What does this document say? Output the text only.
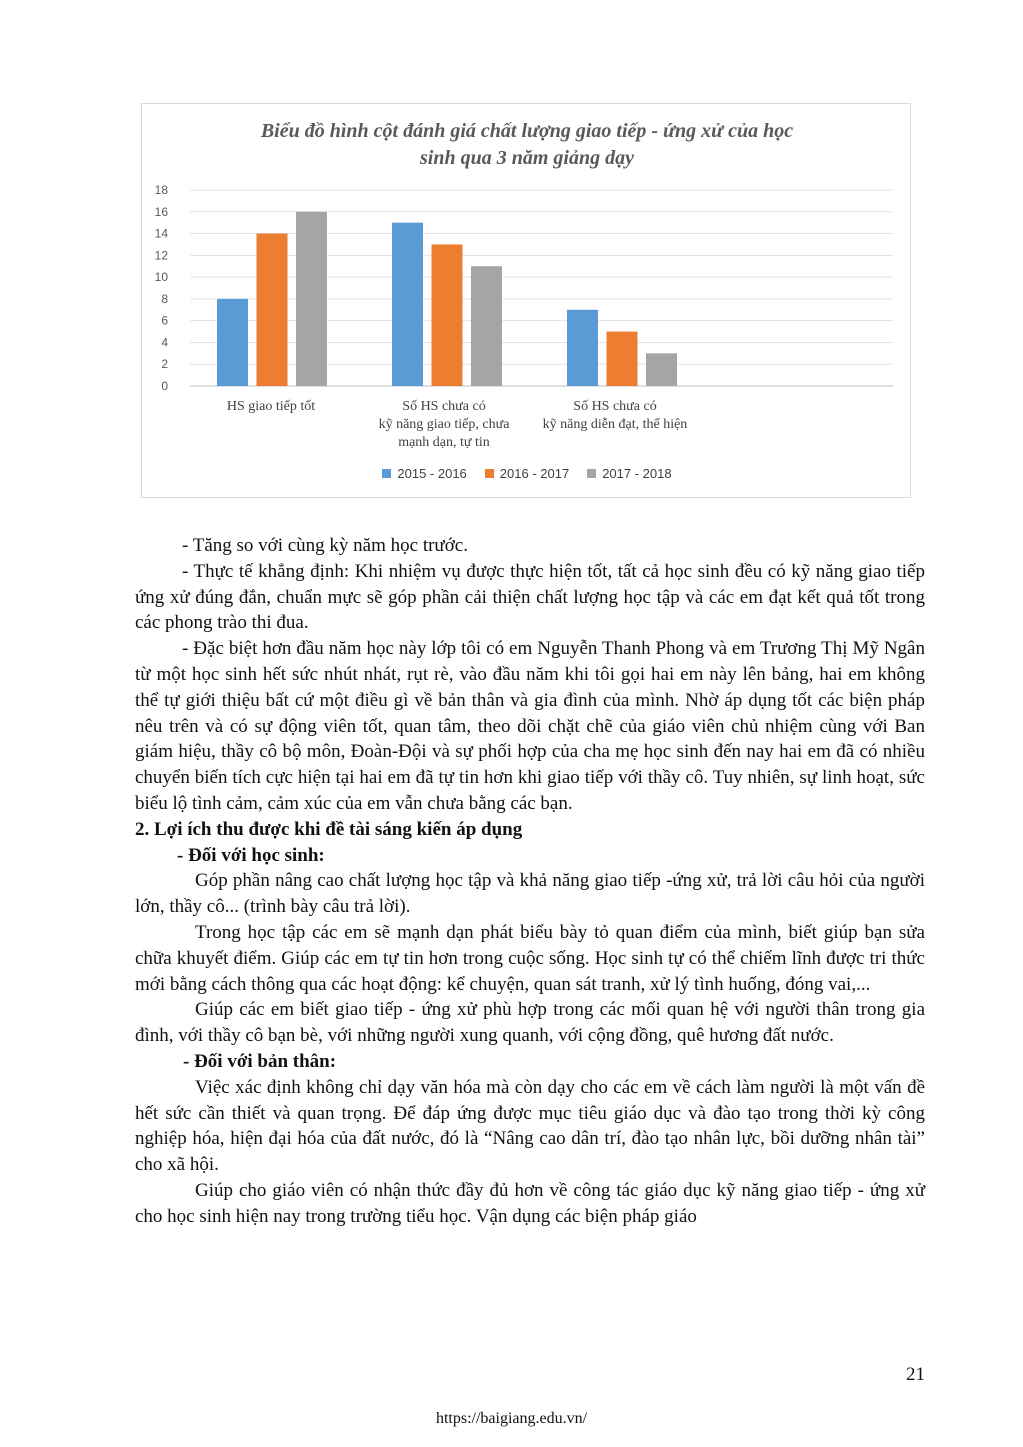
Biểu đồ hình cột đánh giá chất lượng giao tiếp - ứng xử của học
sinh qua 3 năm giảng dạy
0
2
4
6
8
10
12
14
16
18
HS giao tiếp tốt	Số HS chưa có
kỹ năng giao tiếp, chưa
mạnh dạn, tự tin
Số HS chưa có
kỹ năng diễn đạt, thể hiện
2015 - 2016	2016 - 2017	2017 - 2018

- Tăng so với cùng kỳ năm học trước.

- Thực tế khẳng định: Khi nhiệm vụ được thực hiện tốt, tất cả học sinh đều có kỹ năng giao tiếp ứng xử đúng đắn, chuẩn mực sẽ góp phần cải thiện chất lượng học tập và các em đạt kết quả tốt trong các phong trào thi đua.

- Đặc biệt hơn đầu năm học này lớp tôi có em Nguyễn Thanh Phong và em Trương Thị Mỹ Ngân từ một học sinh hết sức nhút nhát, rụt rè, vào đầu năm khi tôi gọi hai em này lên bảng, hai em không thể tự giới thiệu bất cứ một điều gì về bản thân và gia đình của mình. Nhờ áp dụng tốt các biện pháp nêu trên và có sự động viên tốt, quan tâm, theo dõi chặt chẽ của giáo viên chủ nhiệm cùng với Ban giám hiệu, thầy cô bộ môn, Đoàn-Đội và sự phối hợp của cha mẹ học sinh đến nay hai em đã có nhiều chuyển biến tích cực hiện tại hai em đã tự tin hơn khi giao tiếp với thầy cô. Tuy nhiên, sự linh hoạt, sức biểu lộ tình cảm, cảm xúc của em vẫn chưa bằng các bạn.

2. Lợi ích thu được khi đề tài sáng kiến áp dụng

- Đối với học sinh:

Góp phần nâng cao chất lượng học tập và khả năng giao tiếp -ứng xử, trả lời câu hỏi của người lớn, thầy cô... (trình bày câu trả lời).

Trong học tập các em sẽ mạnh dạn phát biểu bày tỏ quan điểm của mình, biết giúp bạn sửa chữa khuyết điểm. Giúp các em tự tin hơn trong cuộc sống. Học sinh tự có thể chiếm lĩnh được tri thức mới bằng cách thông qua các hoạt động: kể chuyện, quan sát tranh, xử lý tình huống, đóng vai,...

Giúp các em biết giao tiếp - ứng xử phù hợp trong các mối quan hệ với người thân trong gia đình, với thầy cô bạn bè, với những người xung quanh, với cộng đồng, quê hương đất nước.

- Đối với bản thân:

Việc xác định không chỉ dạy văn hóa mà còn dạy cho các em về cách làm người là một vấn đề hết sức cần thiết và quan trọng. Để đáp ứng được mục tiêu giáo dục và đào tạo trong thời kỳ công nghiệp hóa, hiện đại hóa của đất nước, đó là “Nâng cao dân trí, đào tạo nhân lực, bồi dưỡng nhân tài” cho xã hội.

Giúp cho giáo viên có nhận thức đầy đủ hơn về công tác giáo dục kỹ năng giao tiếp - ứng xử cho học sinh hiện nay trong trường tiểu học. Vận dụng các biện pháp giáo

21
https://baigiang.edu.vn/
